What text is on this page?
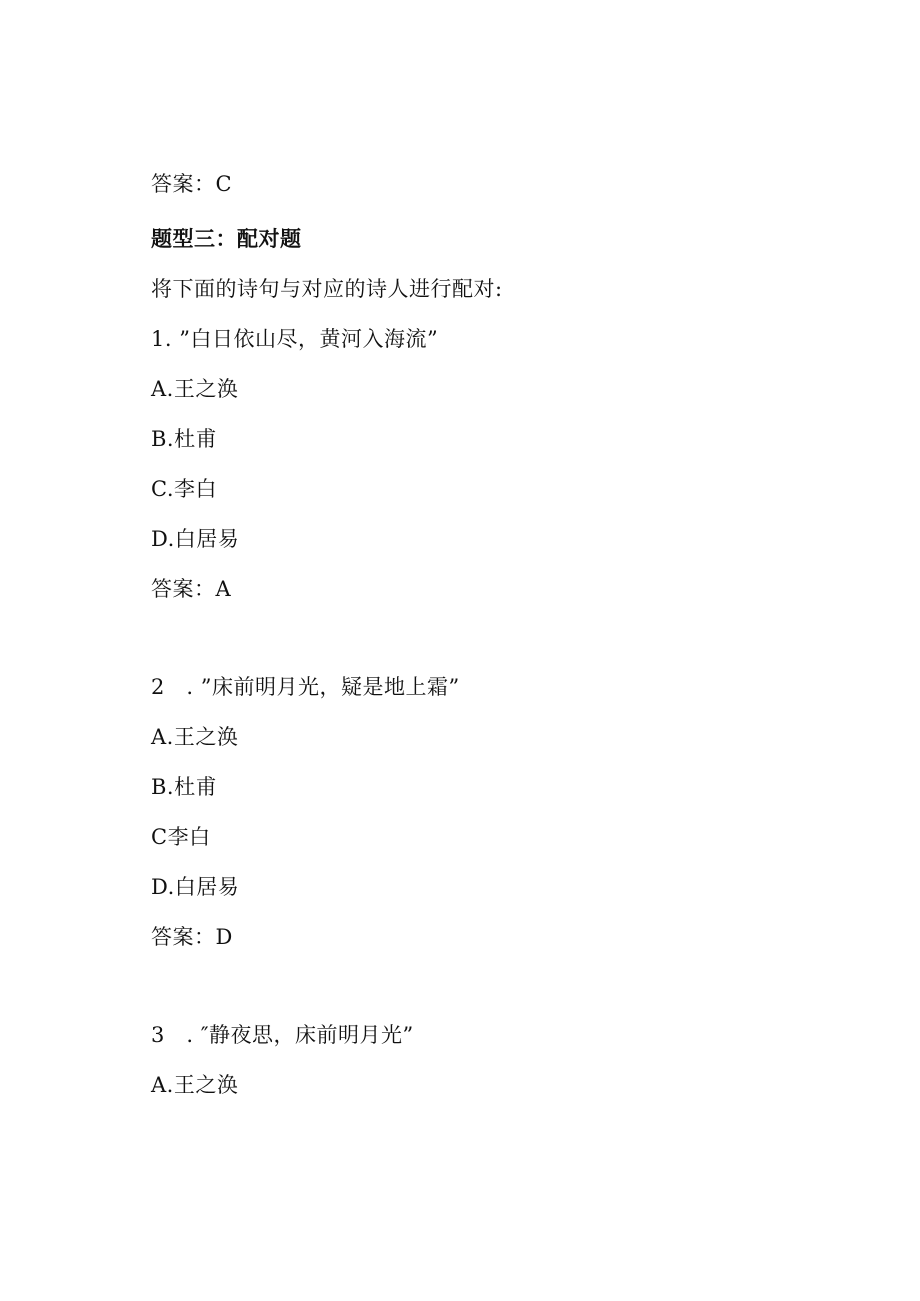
答案：C
题型三：配对题
将下面的诗句与对应的诗人进行配对:
1. ”白日依山尽，黄河入海流”
A.王之涣
B.杜甫
C.李白
D.白居易
答案：A
2　. ”床前明月光，疑是地上霜”
A.王之涣
B.杜甫
C李白
D.白居易
答案：D
3　. ″静夜思，床前明月光”
A.王之涣
